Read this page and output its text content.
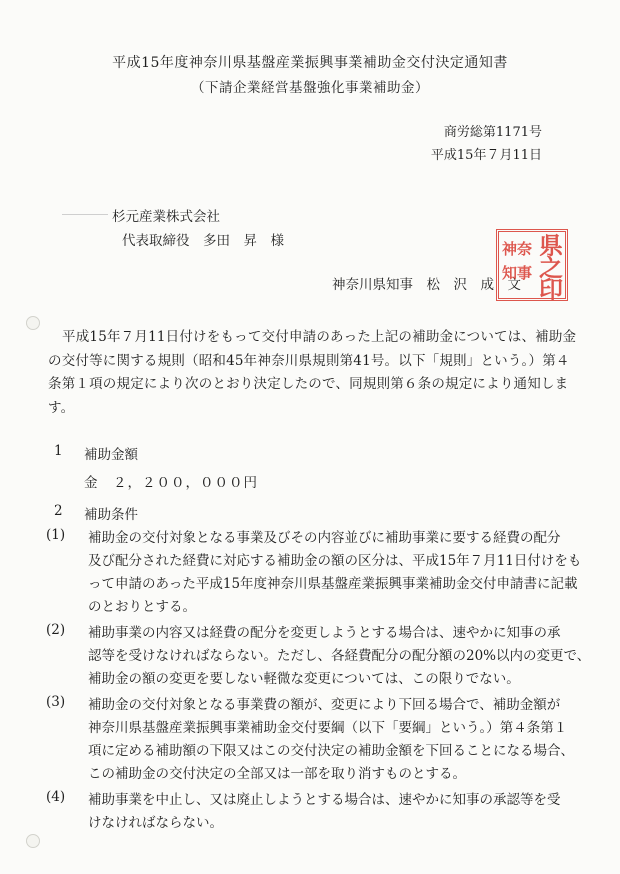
平成15年度神奈川県基盤産業振興事業補助金交付決定通知書
（下請企業経営基盤強化事業補助金）
商労総第1171号
平成15年７月11日
杉元産業株式会社
代表取締役　多田　昇　様
神奈川県知事　松　沢　成　文
県
之
印
神奈
知事
平成15年７月11日付けをもって交付申請のあった上記の補助金については、補助金
の交付等に関する規則（昭和45年神奈川県規則第41号。以下「規則」という。）第４
条第１項の規定により次のとおり決定したので、同規則第６条の規定により通知しま
す。
1 補助金額
金　２，２００，０００円
2 補助条件
(1) 補助金の交付対象となる事業及びその内容並びに補助事業に要する経費の配分
及び配分された経費に対応する補助金の額の区分は、平成15年７月11日付けをも
って申請のあった平成15年度神奈川県基盤産業振興事業補助金交付申請書に記載
のとおりとする。
(2) 補助事業の内容又は経費の配分を変更しようとする場合は、速やかに知事の承
認等を受けなければならない。ただし、各経費配分の配分額の20%以内の変更で、
補助金の額の変更を要しない軽微な変更については、この限りでない。
(3) 補助金の交付対象となる事業費の額が、変更により下回る場合で、補助金額が
神奈川県基盤産業振興事業補助金交付要綱（以下「要綱」という。）第４条第１
項に定める補助額の下限又はこの交付決定の補助金額を下回ることになる場合、
この補助金の交付決定の全部又は一部を取り消すものとする。
(4) 補助事業を中止し、又は廃止しようとする場合は、速やかに知事の承認等を受
けなければならない。
